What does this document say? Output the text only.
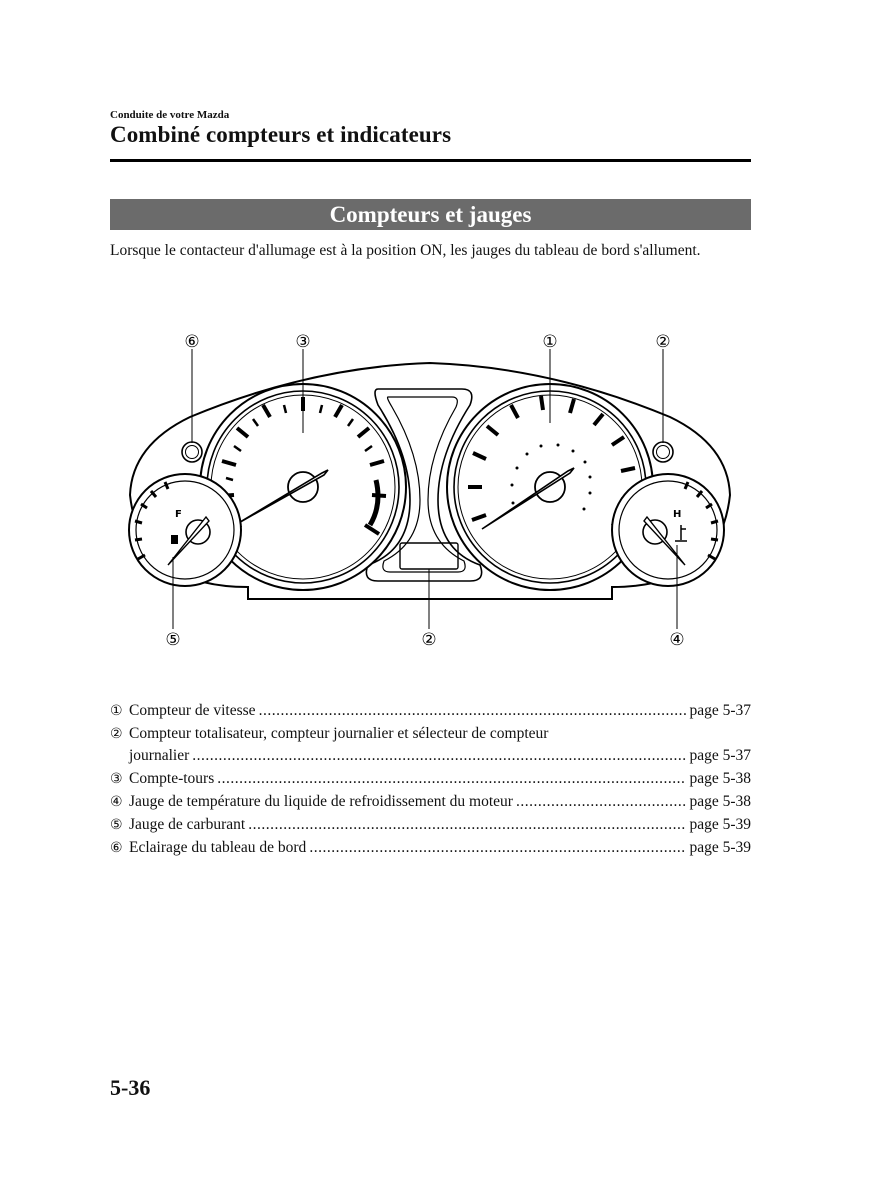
Conduite de votre Mazda
Combiné compteurs et indicateurs
Compteurs et jauges
Lorsque le contacteur d'allumage est à la position ON, les jauges du tableau de bord s'allument.
F	H
⑥	③	①	②
⑤	②	④
① Compteur de vitesse .....	page 5-37
② Compteur totalisateur, compteur journalier et sélecteur de compteur
journalier .....	page 5-37
③ Compte-tours .....	page 5-38
④ Jauge de température du liquide de refroidissement du moteur .....	page 5-38
⑤ Jauge de carburant .....	page 5-39
⑥ Eclairage du tableau de bord .....	page 5-39
5-36
